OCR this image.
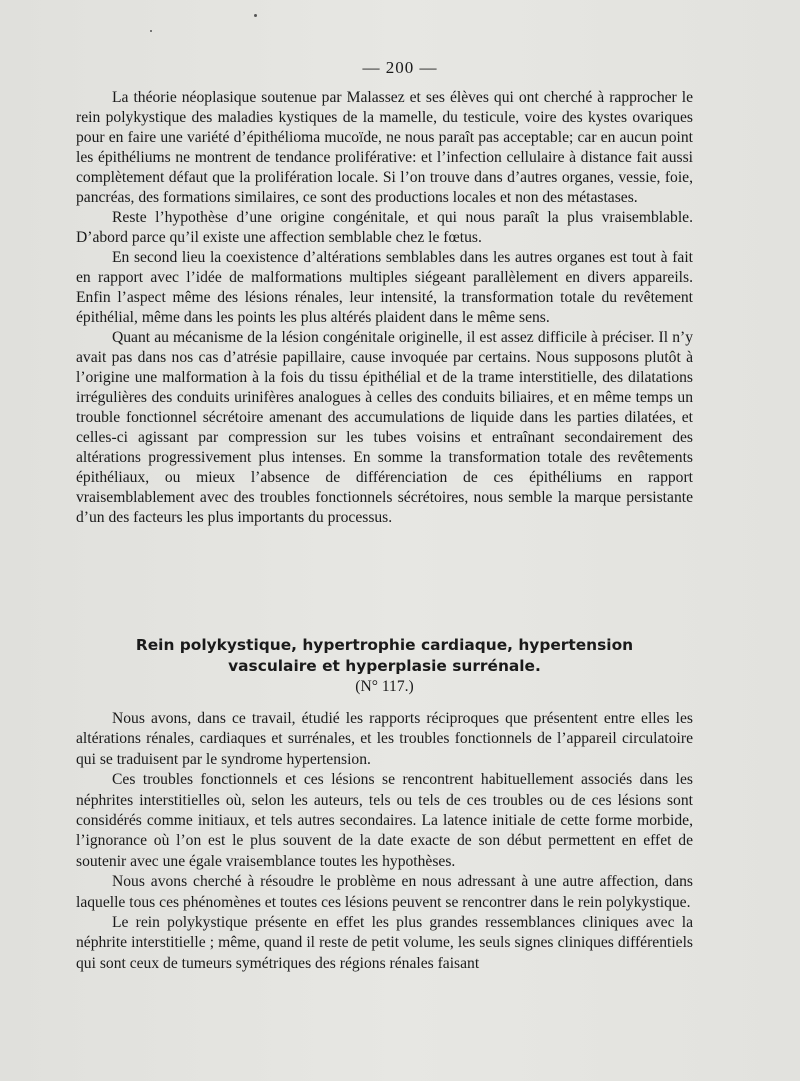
— 200 —

La théorie néoplasique soutenue par Malassez et ses élèves qui ont cherché à rapprocher le rein polykystique des maladies kystiques de la mamelle, du testicule, voire des kystes ovariques pour en faire une variété d’épithélioma mucoïde, ne nous paraît pas acceptable; car en aucun point les épithéliums ne montrent de tendance proliférative: et l’infection cellulaire à distance fait aussi complètement défaut que la prolifération locale. Si l’on trouve dans d’autres organes, vessie, foie, pancréas, des formations similaires, ce sont des productions locales et non des métastases.

Reste l’hypothèse d’une origine congénitale, et qui nous paraît la plus vraisemblable. D’abord parce qu’il existe une affection semblable chez le fœtus.

En second lieu la coexistence d’altérations semblables dans les autres organes est tout à fait en rapport avec l’idée de malformations multiples siégeant parallèlement en divers appareils. Enfin l’aspect même des lésions rénales, leur intensité, la transformation totale du revêtement épithélial, même dans les points les plus altérés plaident dans le même sens.

Quant au mécanisme de la lésion congénitale originelle, il est assez difficile à préciser. Il n’y avait pas dans nos cas d’atrésie papillaire, cause invoquée par certains. Nous supposons plutôt à l’origine une malformation à la fois du tissu épithélial et de la trame interstitielle, des dilatations irrégulières des conduits urinifères analogues à celles des conduits biliaires, et en même temps un trouble fonctionnel sécrétoire amenant des accumulations de liquide dans les parties dilatées, et celles-ci agissant par compression sur les tubes voisins et entraînant secondairement des altérations progressivement plus intenses. En somme la transformation totale des revêtements épithéliaux, ou mieux l’absence de différenciation de ces épithéliums en rapport vraisemblablement avec des troubles fonctionnels sécrétoires, nous semble la marque persistante d’un des facteurs les plus importants du processus.

Rein polykystique, hypertrophie cardiaque, hypertension
vasculaire et hyperplasie surrénale.
(N° 117.)

Nous avons, dans ce travail, étudié les rapports réciproques que présentent entre elles les altérations rénales, cardiaques et surrénales, et les troubles fonctionnels de l’appareil circulatoire qui se traduisent par le syndrome hypertension.

Ces troubles fonctionnels et ces lésions se rencontrent habituellement associés dans les néphrites interstitielles où, selon les auteurs, tels ou tels de ces troubles ou de ces lésions sont considérés comme initiaux, et tels autres secondaires. La latence initiale de cette forme morbide, l’ignorance où l’on est le plus souvent de la date exacte de son début permettent en effet de soutenir avec une égale vraisemblance toutes les hypothèses.

Nous avons cherché à résoudre le problème en nous adressant à une autre affection, dans laquelle tous ces phénomènes et toutes ces lésions peuvent se rencontrer dans le rein polykystique.

Le rein polykystique présente en effet les plus grandes ressemblances cliniques avec la néphrite interstitielle ; même, quand il reste de petit volume, les seuls signes cliniques différentiels qui sont ceux de tumeurs symétriques des régions rénales faisant
